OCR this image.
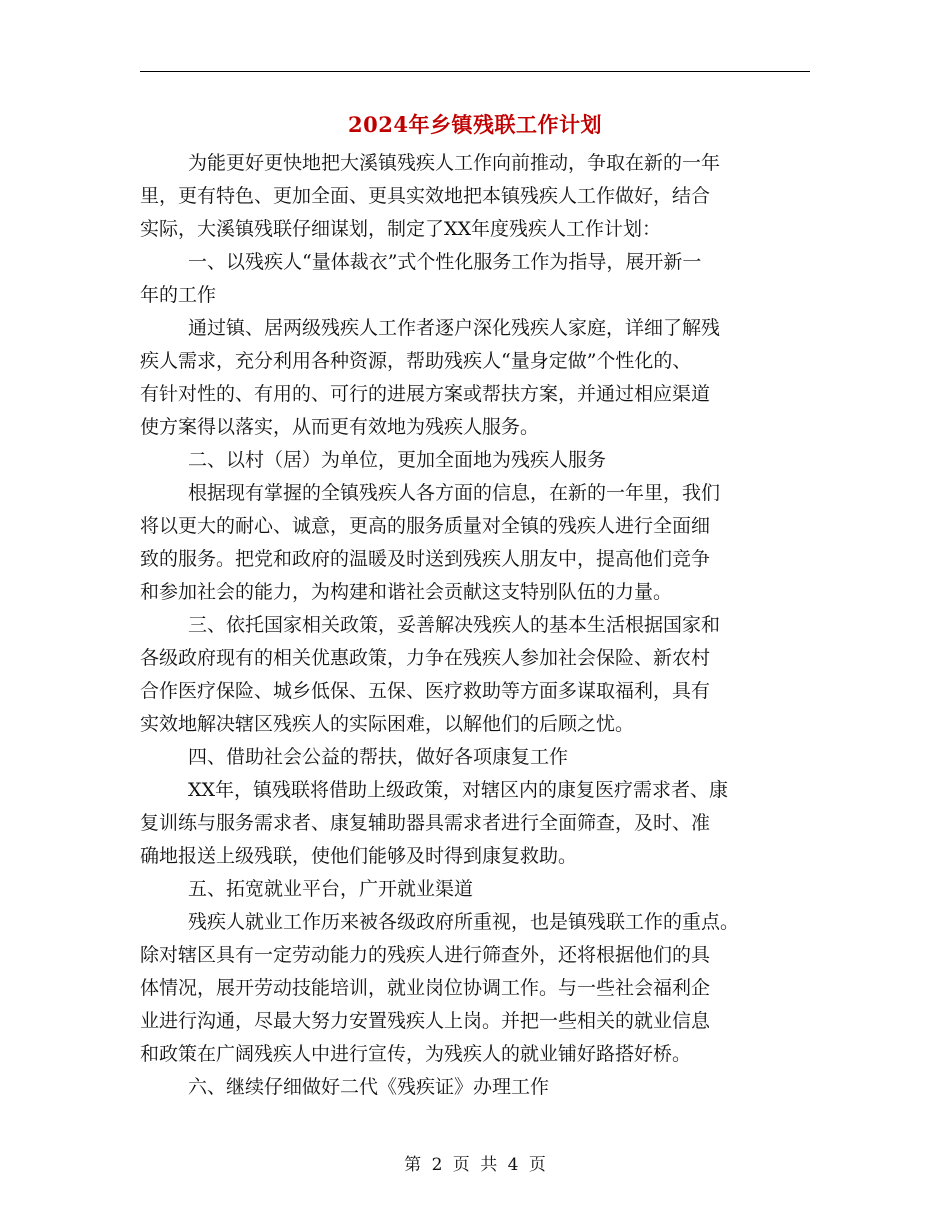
2024年乡镇残联工作计划
为能更好更快地把大溪镇残疾人工作向前推动，争取在新的一年
里，更有特色、更加全面、更具实效地把本镇残疾人工作做好，结合
实际，大溪镇残联仔细谋划，制定了XX年度残疾人工作计划：
一、以残疾人“量体裁衣”式个性化服务工作为指导，展开新一
年的工作
通过镇、居两级残疾人工作者逐户深化残疾人家庭，详细了解残
疾人需求，充分利用各种资源，帮助残疾人“量身定做”个性化的、
有针对性的、有用的、可行的进展方案或帮扶方案，并通过相应渠道
使方案得以落实，从而更有效地为残疾人服务。
二、以村（居）为单位，更加全面地为残疾人服务
根据现有掌握的全镇残疾人各方面的信息，在新的一年里，我们
将以更大的耐心、诚意，更高的服务质量对全镇的残疾人进行全面细
致的服务。把党和政府的温暖及时送到残疾人朋友中，提高他们竞争
和参加社会的能力，为构建和谐社会贡献这支特别队伍的力量。
三、依托国家相关政策，妥善解决残疾人的基本生活根据国家和
各级政府现有的相关优惠政策，力争在残疾人参加社会保险、新农村
合作医疗保险、城乡低保、五保、医疗救助等方面多谋取福利，具有
实效地解决辖区残疾人的实际困难，以解他们的后顾之忧。
四、借助社会公益的帮扶，做好各项康复工作
XX年，镇残联将借助上级政策，对辖区内的康复医疗需求者、康
复训练与服务需求者、康复辅助器具需求者进行全面筛查，及时、准
确地报送上级残联，使他们能够及时得到康复救助。
五、拓宽就业平台，广开就业渠道
残疾人就业工作历来被各级政府所重视，也是镇残联工作的重点。
除对辖区具有一定劳动能力的残疾人进行筛查外，还将根据他们的具
体情况，展开劳动技能培训，就业岗位协调工作。与一些社会福利企
业进行沟通，尽最大努力安置残疾人上岗。并把一些相关的就业信息
和政策在广阔残疾人中进行宣传，为残疾人的就业铺好路搭好桥。
六、继续仔细做好二代《残疾证》办理工作
第 2 页 共 4 页
